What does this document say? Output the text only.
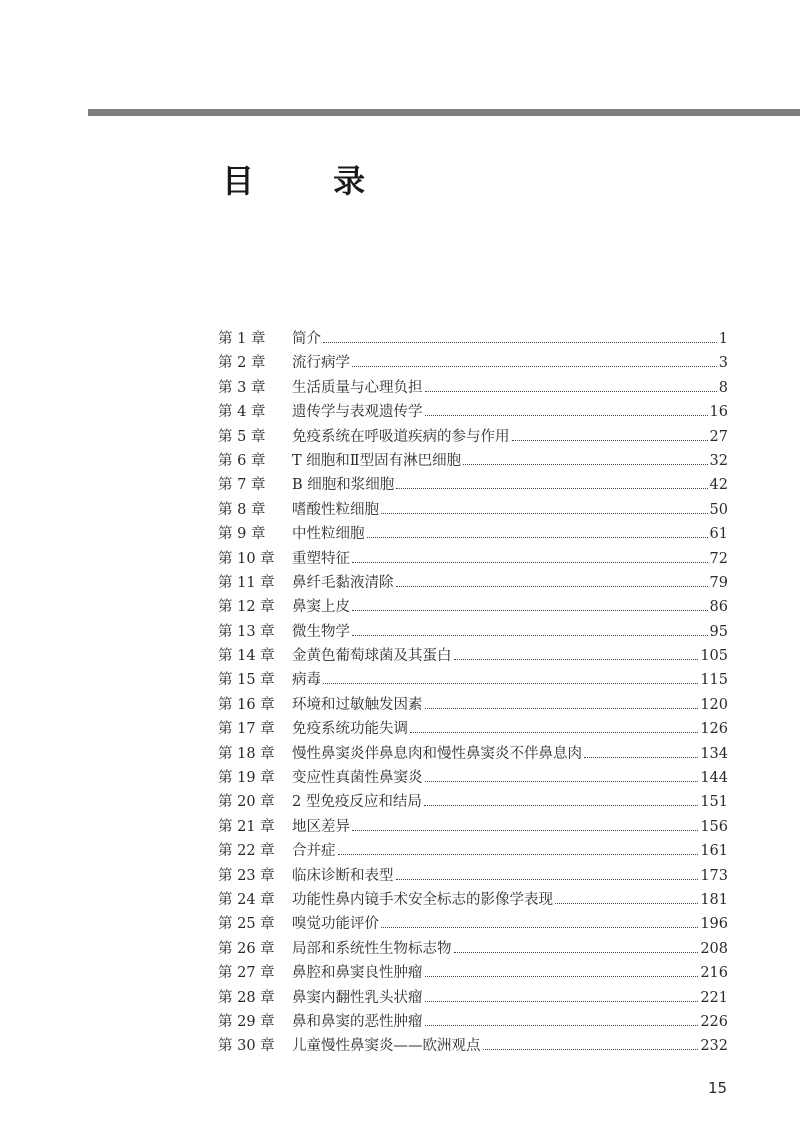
目 录
第 1 章	简介	1
第 2 章	流行病学	3
第 3 章	生活质量与心理负担	8
第 4 章	遗传学与表观遗传学	16
第 5 章	免疫系统在呼吸道疾病的参与作用	27
第 6 章	T 细胞和Ⅱ型固有淋巴细胞	32
第 7 章	B 细胞和浆细胞	42
第 8 章	嗜酸性粒细胞	50
第 9 章	中性粒细胞	61
第 10 章	重塑特征	72
第 11 章	鼻纤毛黏液清除	79
第 12 章	鼻窦上皮	86
第 13 章	微生物学	95
第 14 章	金黄色葡萄球菌及其蛋白	105
第 15 章	病毒	115
第 16 章	环境和过敏触发因素	120
第 17 章	免疫系统功能失调	126
第 18 章	慢性鼻窦炎伴鼻息肉和慢性鼻窦炎不伴鼻息肉	134
第 19 章	变应性真菌性鼻窦炎	144
第 20 章	2 型免疫反应和结局	151
第 21 章	地区差异	156
第 22 章	合并症	161
第 23 章	临床诊断和表型	173
第 24 章	功能性鼻内镜手术安全标志的影像学表现	181
第 25 章	嗅觉功能评价	196
第 26 章	局部和系统性生物标志物	208
第 27 章	鼻腔和鼻窦良性肿瘤	216
第 28 章	鼻窦内翻性乳头状瘤	221
第 29 章	鼻和鼻窦的恶性肿瘤	226
第 30 章	儿童慢性鼻窦炎——欧洲观点	232
15
